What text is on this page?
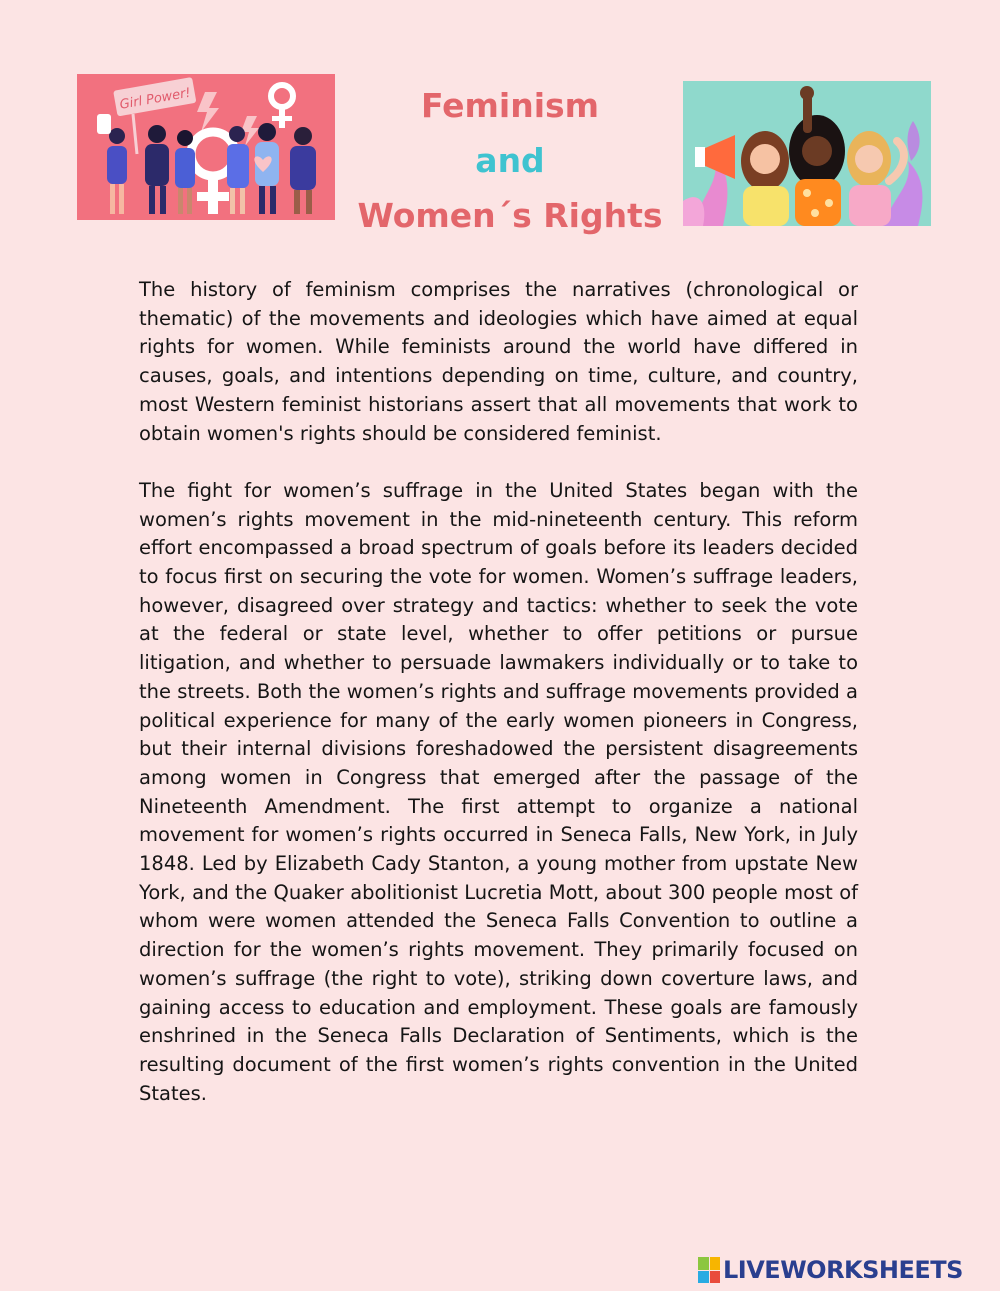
Girl Power!	Feminism
and
Women´s Rights

The history of feminism comprises the narratives (chronological or thematic) of the movements and ideologies which have aimed at equal rights for women. While feminists around the world have differed in causes, goals, and intentions depending on time, culture, and country, most Western feminist historians assert that all movements that work to obtain women's rights should be considered feminist.

The fight for women’s suffrage in the United States began with the women’s rights movement in the mid-nineteenth century. This reform effort encompassed a broad spectrum of goals before its leaders decided to focus first on securing the vote for women. Women’s suffrage leaders, however, disagreed over strategy and tactics: whether to seek the vote at the federal or state level, whether to offer petitions or pursue litigation, and whether to persuade lawmakers individually or to take to the streets. Both the women’s rights and suffrage movements provided a political experience for many of the early women pioneers in Congress, but their internal divisions foreshadowed the persistent disagreements among women in Congress that emerged after the passage of the Nineteenth Amendment. The first attempt to organize a national movement for women’s rights occurred in Seneca Falls, New York, in July 1848. Led by Elizabeth Cady Stanton, a young mother from upstate New York, and the Quaker abolitionist Lucretia Mott, about 300 people most of whom were women attended the Seneca Falls Convention to outline a direction for the women’s rights movement. They primarily focused on women’s suffrage (the right to vote), striking down coverture laws, and gaining access to education and employment. These goals are famously enshrined in the Seneca Falls Declaration of Sentiments, which is the resulting document of the first women’s rights convention in the United States.

LIVEWORKSHEETS
